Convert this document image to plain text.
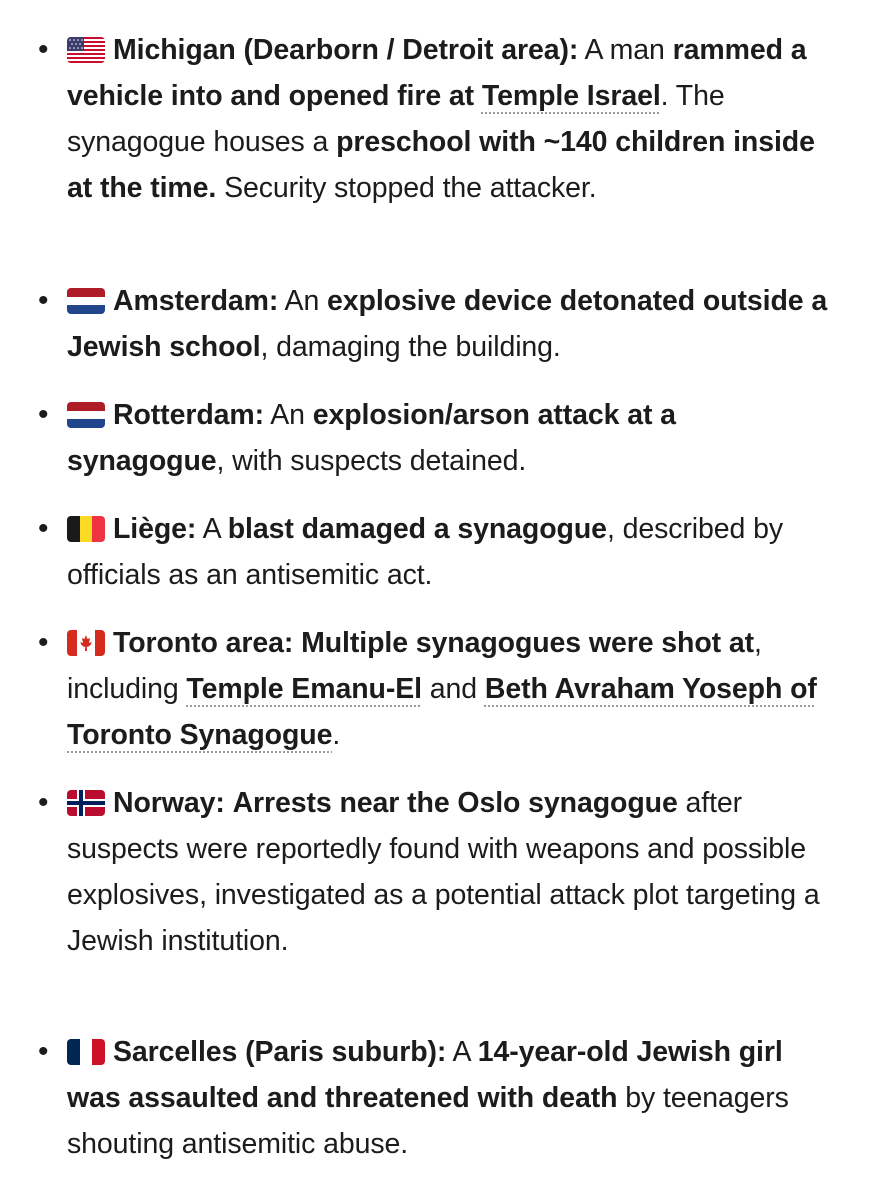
•	Michigan (Dearborn / Detroit area): A man rammed a vehicle into and opened fire at Temple Israel. The synagogue houses a preschool with ~140 children inside at the time. Security stopped the attacker.
•	Amsterdam: An explosive device detonated outside a Jewish school, damaging the building.
•	Rotterdam: An explosion/arson attack at a synagogue, with suspects detained.
•	Liège: A blast damaged a synagogue, described by officials as an antisemitic act.
•	Toronto area: Multiple synagogues were shot at, including Temple Emanu-El and Beth Avraham Yoseph of Toronto Synagogue.
•	Norway: Arrests near the Oslo synagogue after suspects were reportedly found with weapons and possible explosives, investigated as a potential attack plot targeting a Jewish institution.
•	Sarcelles (Paris suburb): A 14-year-old Jewish girl was assaulted and threatened with death by teenagers shouting antisemitic abuse.
